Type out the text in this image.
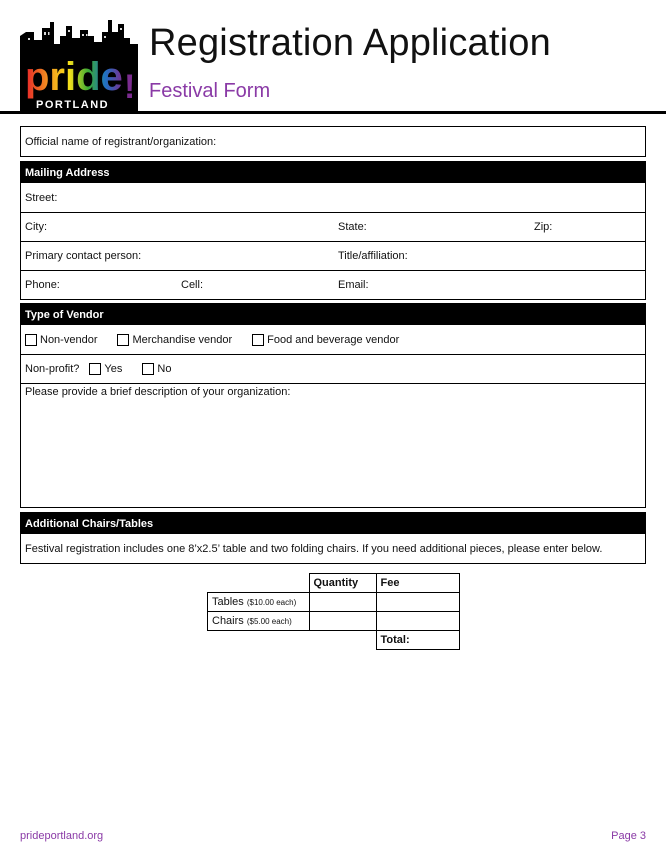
pride !
PORTLAND
Registration Application
Festival Form
Official name of registrant/organization:
Mailing Address
Street:
City:	State:	Zip:
Primary contact person:	Title/affiliation:
Phone:	Cell:	Email:
Type of Vendor
Non-vendor	Merchandise vendor	Food and beverage vendor
Non-profit? Yes	No
Please provide a brief description of your organization:
Additional Chairs/Tables
Festival registration includes one 8’x2.5’ table and two folding chairs. If you need additional pieces, please enter below.
	Quantity	Fee
Tables ($10.00 each)		
Chairs ($5.00 each)		
		Total:
prideportland.org	Page 3
